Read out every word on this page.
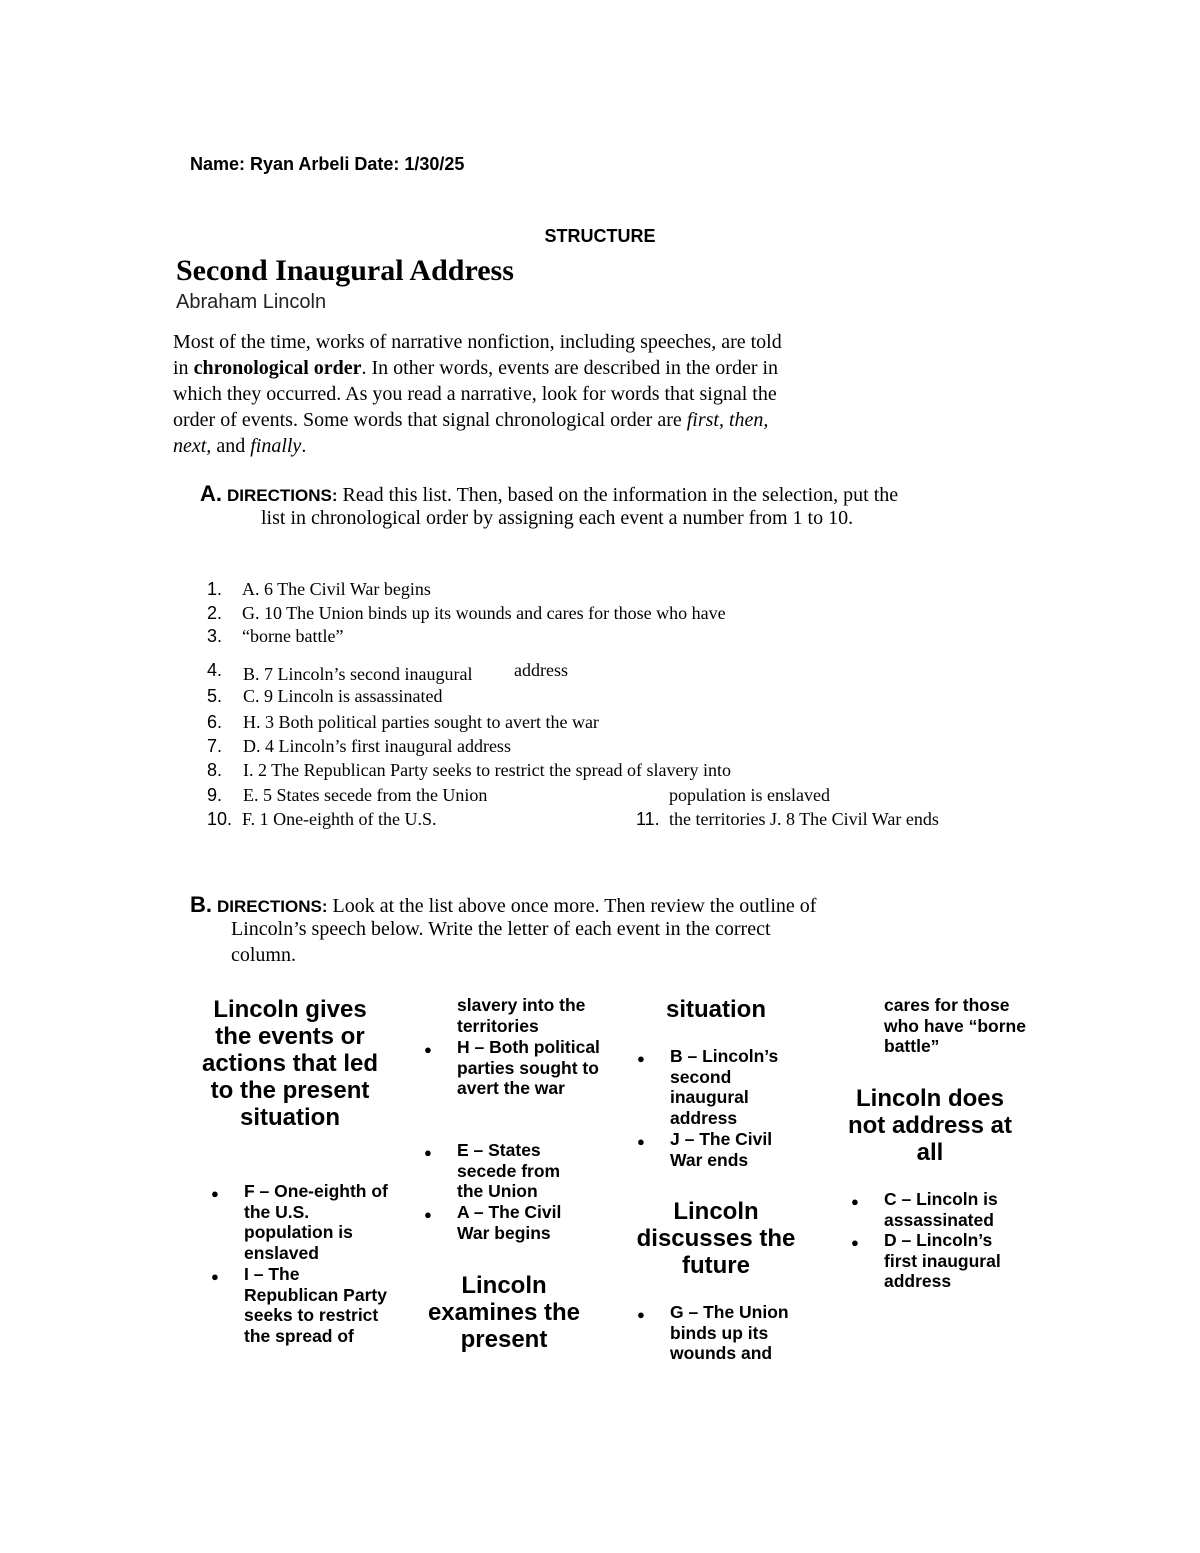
Name: Ryan Arbeli Date: 1/30/25
STRUCTURE
Second Inaugural Address
Abraham Lincoln
Most of the time, works of narrative nonfiction, including speeches, are told
in chronological order. In other words, events are described in the order in
which they occurred. As you read a narrative, look for words that signal the
order of events. Some words that signal chronological order are first, then,
next, and finally.
A. DIRECTIONS: Read this list. Then, based on the information in the selection, put the
list in chronological order by assigning each event a number from 1 to 10.
1. A. 6 The Civil War begins
2. G. 10 The Union binds up its wounds and cares for those who have
3. “borne battle”
4. B. 7 Lincoln’s second inaugural address
5. C. 9 Lincoln is assassinated
6. H. 3 Both political parties sought to avert the war
7. D. 4 Lincoln’s first inaugural address
8. I. 2 The Republican Party seeks to restrict the spread of slavery into
9. E. 5 States secede from the Union	population is enslaved
10. F. 1 One-eighth of the U.S.	11. the territories J. 8 The Civil War ends
B. DIRECTIONS: Look at the list above once more. Then review the outline of
Lincoln’s speech below. Write the letter of each event in the correct
column.
Lincoln gives the events or actions that led to the present situation
● F – One-eighth of the U.S. population is enslaved
● I – The Republican Party seeks to restrict the spread of
slavery into the territories
● H – Both political parties sought to avert the war
● E – States secede from the Union
● A – The Civil War begins
Lincoln examines the present
situation
● B – Lincoln’s second inaugural address
● J – The Civil War ends
Lincoln discusses the future
● G – The Union binds up its wounds and
cares for those who have “borne battle”
Lincoln does not address at all
● C – Lincoln is assassinated
● D – Lincoln’s first inaugural address
